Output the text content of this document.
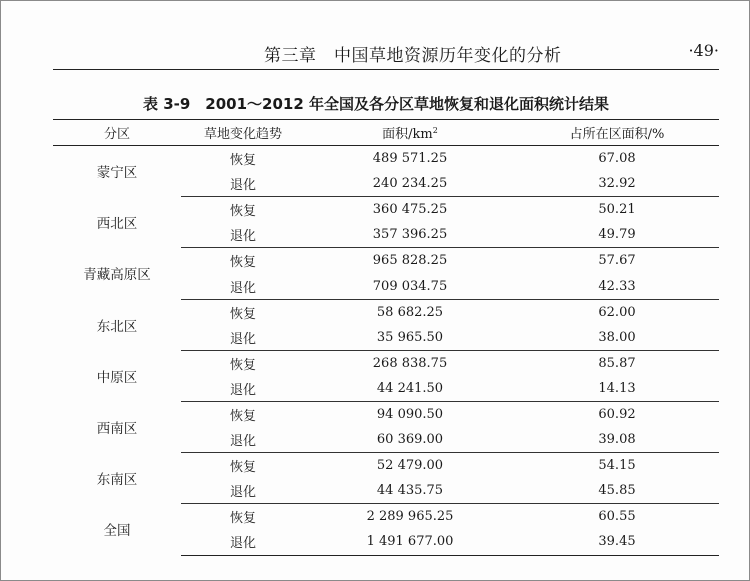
第三章　中国草地资源历年变化的分析	·49·
表 3-9　2001～2012 年全国及各分区草地恢复和退化面积统计结果
分区	草地变化趋势	面积$/km^2$	占所在区面积/%
蒙宁区	恢复	489 571.25	67.08
	退化	240 234.25	32.92
西北区	恢复	360 475.25	50.21
	退化	357 396.25	49.79
青藏高原区	恢复	965 828.25	57.67
	退化	709 034.75	42.33
东北区	恢复	58 682.25	62.00
	退化	35 965.50	38.00
中原区	恢复	268 838.75	85.87
	退化	44 241.50	14.13
西南区	恢复	94 090.50	60.92
	退化	60 369.00	39.08
东南区	恢复	52 479.00	54.15
	退化	44 435.75	45.85
全国	恢复	2 289 965.25	60.55
	退化	1 491 677.00	39.45
